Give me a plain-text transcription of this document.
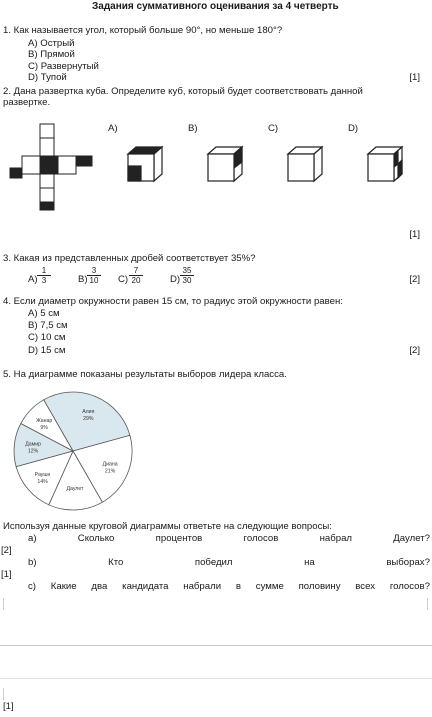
Задания суммативного оценивания за 4 четверть
1. Как называется угол, который больше 90°, но меньше 180°?
А) Острый
В) Прямой
С) Развернутый
D) Тупой	[1]
2. Дана развертка куба. Определите куб, который будет соответствовать данной
развертке.
А)	В)	С)	D)
[1]
3. Какая из представленных дробей соответствует 35%?
$A) \frac{1}{3}$	$B) \frac{3}{10} C) \frac{7}{20}$	$D) \frac{35}{30}$	[2]
4. Если диаметр окружности равен 15 см, то радиус этой окружности равен:
А) 5 см
В) 7,5 см
С) 10 см
D) 15 см	[2]
5. На диаграмме показаны результаты выборов лидера класса.
Алия
29%
Диана
21%
Даулет
Раушн
14%
Дамир
12%
Жанар
9%
Используя данные круговой диаграммы ответьте на следующие вопросы:
а)	Сколько	процентов	голосов	набрал	Даулет?
[2]
b)	Кто	победил	на	выборах?
[1]
c) Какие два кандидата набрали в сумме половину всех голосов?
[1]
